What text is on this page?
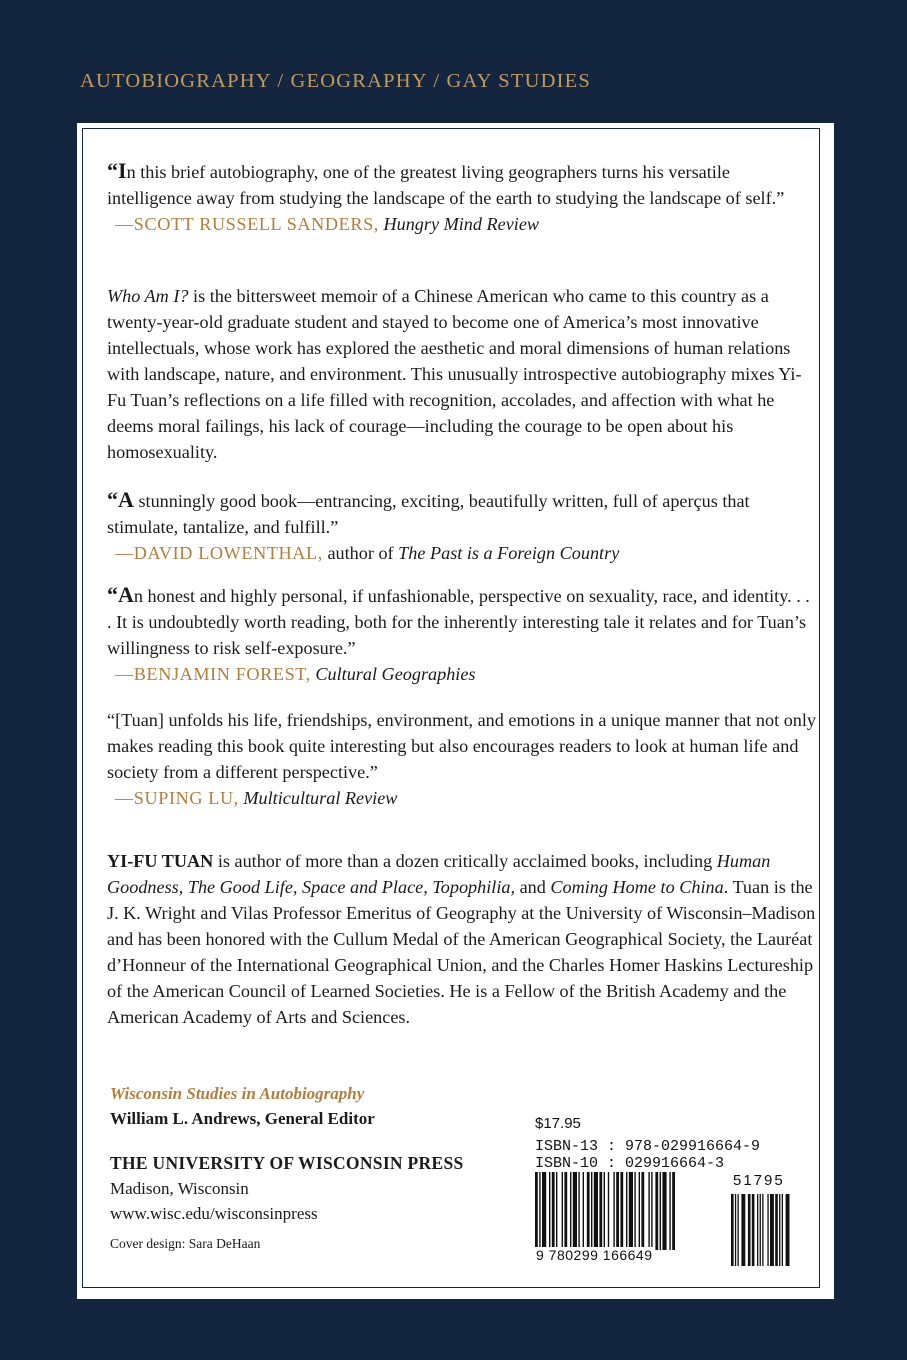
AUTOBIOGRAPHY / GEOGRAPHY / GAY STUDIES

“In this brief autobiography, one of the greatest living geographers turns his versatile intelligence away from studying the landscape of the earth to studying the landscape of self.”

—SCOTT RUSSELL SANDERS, Hungry Mind Review

Who Am I? is the bittersweet memoir of a Chinese American who came to this country as a twenty-year-old graduate student and stayed to become one of America’s most innovative intellectuals, whose work has explored the aesthetic and moral dimensions of human relations with landscape, nature, and environment. This unusually introspective autobiography mixes Yi-Fu Tuan’s reflections on a life filled with recognition, accolades, and affection with what he deems moral failings, his lack of courage—including the courage to be open about his homosexuality.

“A stunningly good book—entrancing, exciting, beautifully written, full of aperçus that stimulate, tantalize, and fulfill.”

—DAVID LOWENTHAL, author of The Past is a Foreign Country

“An honest and highly personal, if unfashionable, perspective on sexuality, race, and identity. . . . It is undoubtedly worth reading, both for the inherently interesting tale it relates and for Tuan’s willingness to risk self-exposure.”

—BENJAMIN FOREST, Cultural Geographies

“[Tuan] unfolds his life, friendships, environment, and emotions in a unique manner that not only makes reading this book quite interesting but also encourages readers to look at human life and society from a different perspective.”

—SUPING LU, Multicultural Review

YI-FU TUAN is author of more than a dozen critically acclaimed books, including Human Goodness, The Good Life, Space and Place, Topophilia, and Coming Home to China. Tuan is the J. K. Wright and Vilas Professor Emeritus of Geography at the University of Wisconsin–Madison and has been honored with the Cullum Medal of the American Geographical Society, the Lauréat d’Honneur of the International Geographical Union, and the Charles Homer Haskins Lectureship of the American Council of Learned Societies. He is a Fellow of the British Academy and the American Academy of Arts and Sciences.

Wisconsin Studies in Autobiography
William L. Andrews, General Editor
THE UNIVERSITY OF WISCONSIN PRESS
Madison, Wisconsin
www.wisc.edu/wisconsinpress
Cover design: Sara DeHaan
$17.95
ISBN-13 : 978-029916664-9
ISBN-10 : 029916664-3
51795
9 780299 166649
